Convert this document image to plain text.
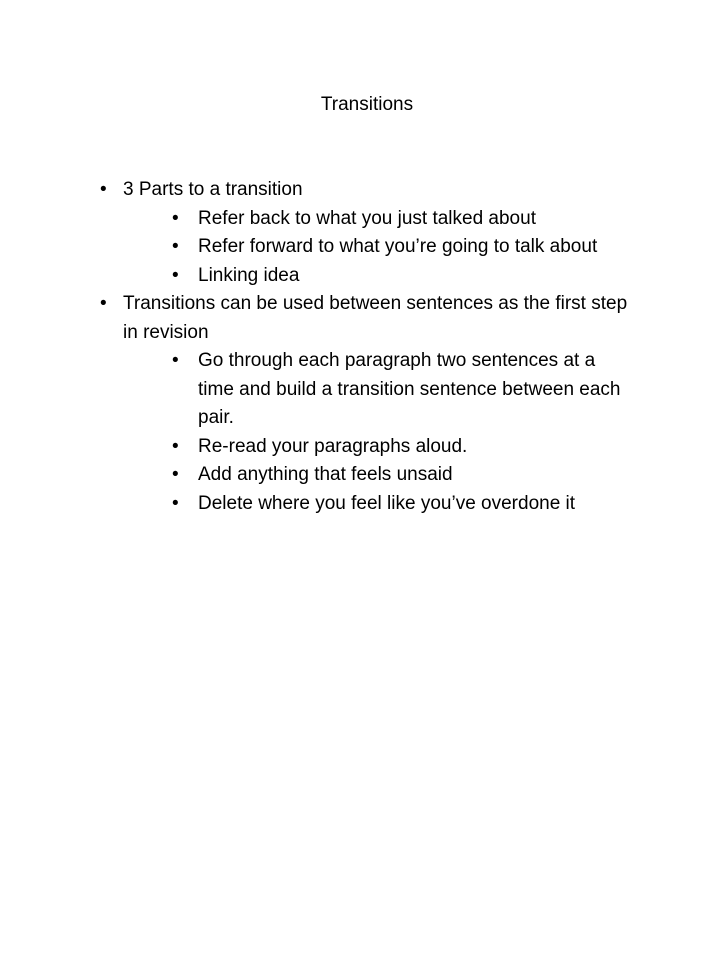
Transitions
• 3 Parts to a transition
• Refer back to what you just talked about
• Refer forward to what you’re going to talk about
• Linking idea
• Transitions can be used between sentences as the first step in revision
• Go through each paragraph two sentences at a time and build a transition sentence between each pair.
• Re-read your paragraphs aloud.
• Add anything that feels unsaid
• Delete where you feel like you’ve overdone it
